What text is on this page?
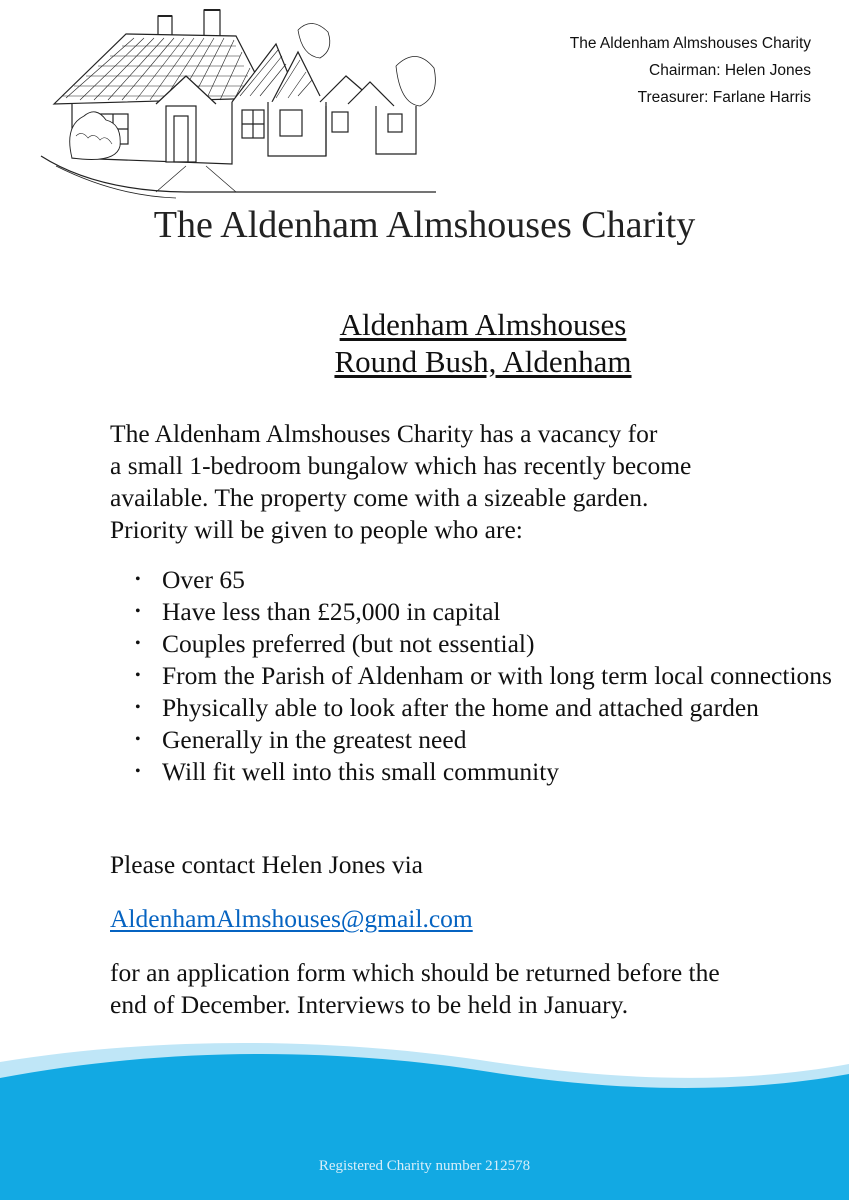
The Aldenham Almshouses Charity
Chairman: Helen Jones
Treasurer: Farlane Harris
The Aldenham Almshouses Charity
Aldenham Almshouses
Round Bush, Aldenham
The Aldenham Almshouses Charity has a vacancy for
a small 1-bedroom bungalow which has recently become
available. The property come with a sizeable garden.
Priority will be given to people who are:
• Over 65
• Have less than £25,000 in capital
• Couples preferred (but not essential)
• From the Parish of Aldenham or with long term local connections
• Physically able to look after the home and attached garden
• Generally in the greatest need
• Will fit well into this small community
Please contact Helen Jones via
AldenhamAlmshouses@gmail.com
for an application form which should be returned before the
end of December. Interviews to be held in January.
Registered Charity number 212578
